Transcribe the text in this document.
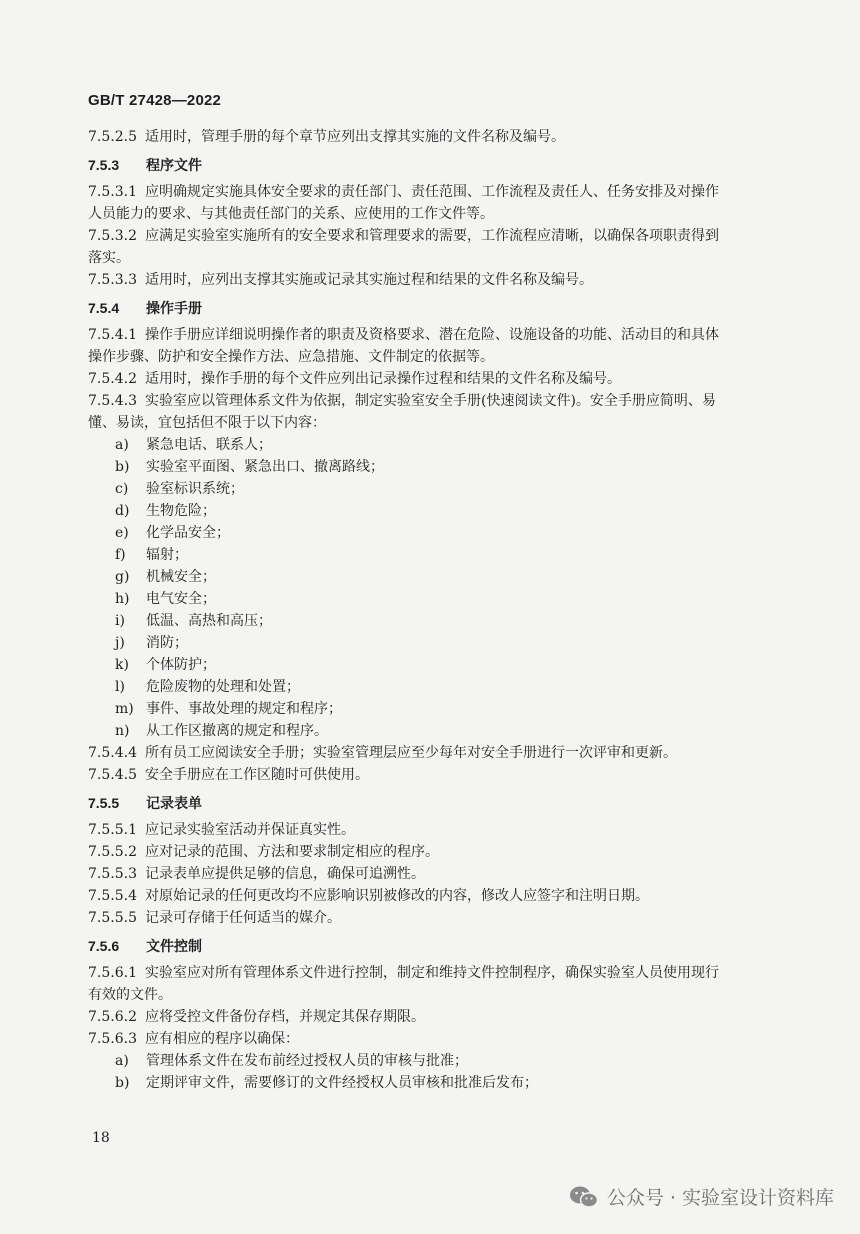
GB/T 27428—2022
7.5.2.5 适用时，管理手册的每个章节应列出支撑其实施的文件名称及编号。
7.5.3 程序文件
7.5.3.1 应明确规定实施具体安全要求的责任部门、责任范围、工作流程及责任人、任务安排及对操作
人员能力的要求、与其他责任部门的关系、应使用的工作文件等。
7.5.3.2 应满足实验室实施所有的安全要求和管理要求的需要，工作流程应清晰，以确保各项职责得到
落实。
7.5.3.3 适用时，应列出支撑其实施或记录其实施过程和结果的文件名称及编号。
7.5.4 操作手册
7.5.4.1 操作手册应详细说明操作者的职责及资格要求、潜在危险、设施设备的功能、活动目的和具体
操作步骤、防护和安全操作方法、应急措施、文件制定的依据等。
7.5.4.2 适用时，操作手册的每个文件应列出记录操作过程和结果的文件名称及编号。
7.5.4.3 实验室应以管理体系文件为依据，制定实验室安全手册(快速阅读文件)。安全手册应简明、易
懂、易读，宜包括但不限于以下内容：
a) 紧急电话、联系人；
b) 实验室平面图、紧急出口、撤离路线；
c) 验室标识系统；
d) 生物危险；
e) 化学品安全；
f) 辐射；
g) 机械安全；
h) 电气安全；
i) 低温、高热和高压；
j) 消防；
k) 个体防护；
l) 危险废物的处理和处置；
m) 事件、事故处理的规定和程序；
n) 从工作区撤离的规定和程序。
7.5.4.4 所有员工应阅读安全手册；实验室管理层应至少每年对安全手册进行一次评审和更新。
7.5.4.5 安全手册应在工作区随时可供使用。
7.5.5 记录表单
7.5.5.1 应记录实验室活动并保证真实性。
7.5.5.2 应对记录的范围、方法和要求制定相应的程序。
7.5.5.3 记录表单应提供足够的信息，确保可追溯性。
7.5.5.4 对原始记录的任何更改均不应影响识别被修改的内容，修改人应签字和注明日期。
7.5.5.5 记录可存储于任何适当的媒介。
7.5.6 文件控制
7.5.6.1 实验室应对所有管理体系文件进行控制，制定和维持文件控制程序，确保实验室人员使用现行
有效的文件。
7.5.6.2 应将受控文件备份存档，并规定其保存期限。
7.5.6.3 应有相应的程序以确保：
a) 管理体系文件在发布前经过授权人员的审核与批准；
b) 定期评审文件，需要修订的文件经授权人员审核和批准后发布；
18
公众号 · 实验室设计资料库
